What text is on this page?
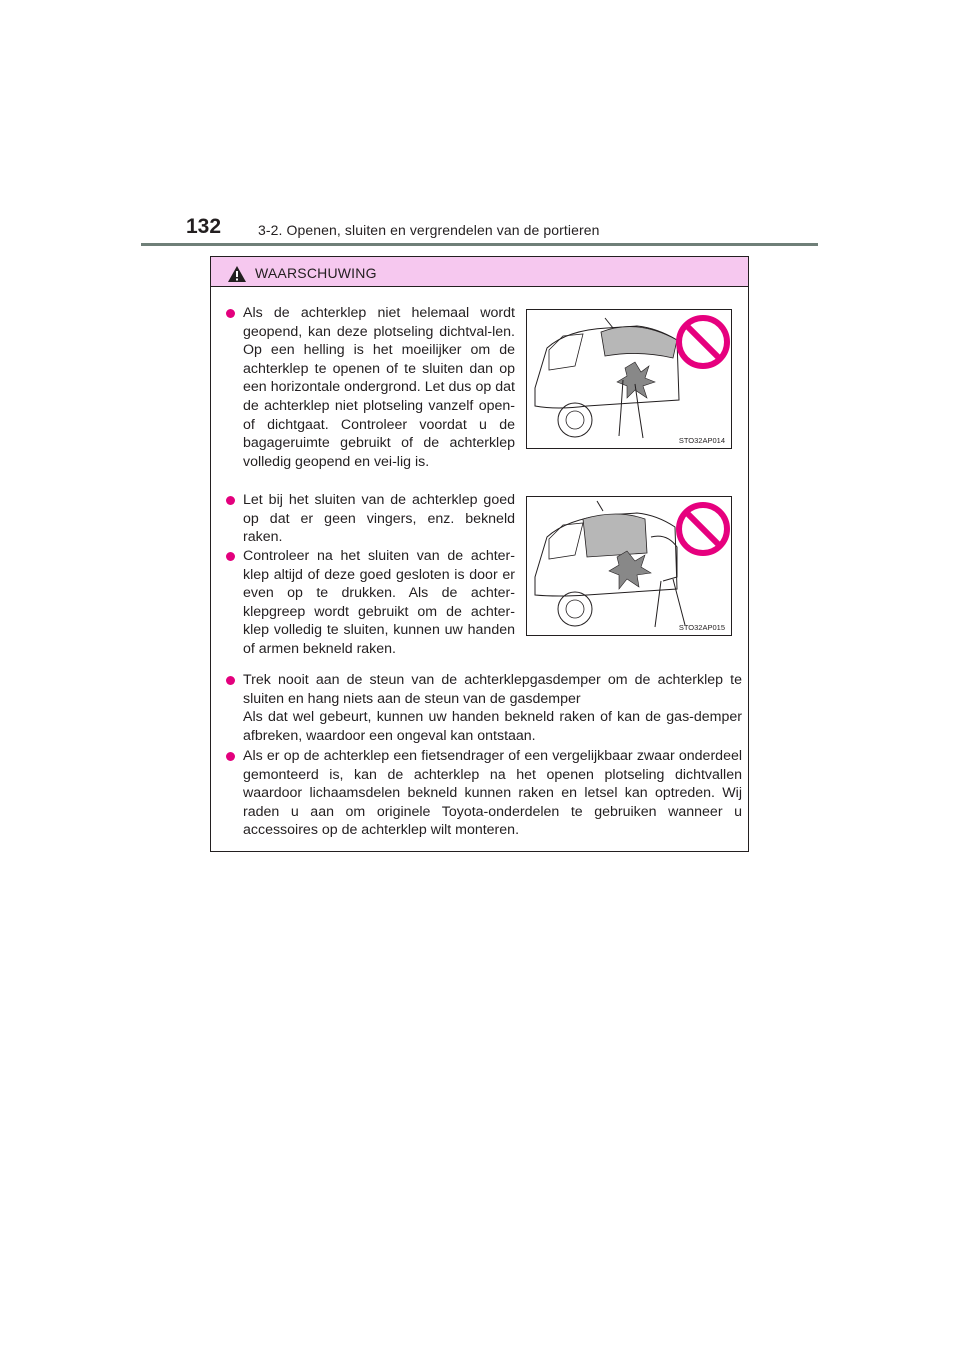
132	3-2. Openen, sluiten en vergrendelen van de portieren
WAARSCHUWING

Als de achterklep niet helemaal wordt geopend, kan deze plotseling dichtval-len. Op een helling is het moeilijker om de achterklep te openen of te sluiten dan op een horizontale ondergrond. Let dus op dat de achterklep niet plotseling vanzelf open- of dichtgaat. Controleer voordat u de bagageruimte gebruikt of de achterklep volledig geopend en vei-lig is.

STO32AP014

Let bij het sluiten van de achterklep goed op dat er geen vingers, enz. bekneld raken.

Controleer na het sluiten van de achter-klep altijd of deze goed gesloten is door er even op te drukken. Als de achter-klepgreep wordt gebruikt om de achter-klep volledig te sluiten, kunnen uw handen of armen bekneld raken.

STO32AP015

Trek nooit aan de steun van de achterklepgasdemper om de achterklep te sluiten en hang niets aan de steun van de gasdemper

Als dat wel gebeurt, kunnen uw handen bekneld raken of kan de gas-demper afbreken, waardoor een ongeval kan ontstaan.

Als er op de achterklep een fietsendrager of een vergelijkbaar zwaar onderdeel gemonteerd is, kan de achterklep na het openen plotseling dichtvallen waardoor lichaamsdelen bekneld kunnen raken en letsel kan optreden. Wij raden u aan om originele Toyota-onderdelen te gebruiken wanneer u accessoires op de achterklep wilt monteren.
